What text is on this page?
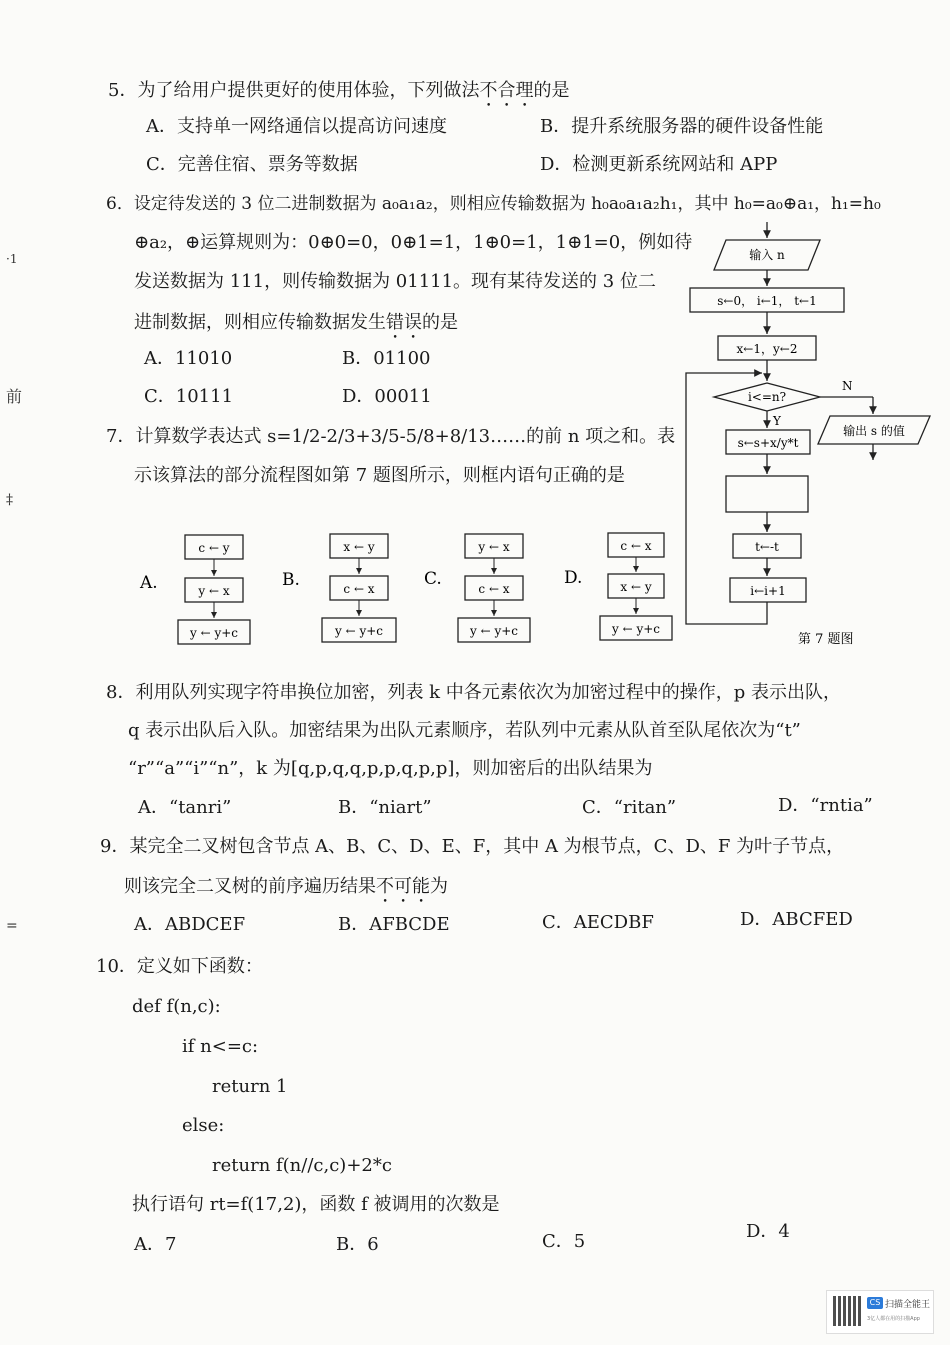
·1
前
‡
=
5．为了给用户提供更好的使用体验，下列做法不合理的是
A．支持单一网络通信以提高访问速度	B．提升系统服务器的硬件设备性能
C．完善住宿、票务等数据	D．检测更新系统网站和 APP
6．设定待发送的 3 位二进制数据为 a₀a₁a₂，则相应传输数据为 h₀a₀a₁a₂h₁，其中 h₀=a₀⊕a₁，h₁=h₀
⊕a₂，⊕运算规则为：0⊕0=0，0⊕1=1，1⊕0=1，1⊕1=0，例如待
发送数据为 111，则传输数据为 01111。现有某待发送的 3 位二
进制数据，则相应传输数据发生错误的是
A．11010	B．01100
C．10111	D．00011
7．计算数学表达式 s=1/2-2/3+3/5-5/8+8/13……的前 n 项之和。表
示该算法的部分流程图如第 7 题图所示，则框内语句正确的是
A.
c ← y
y ← x
y ← y+c
B.
x ← y
c ← x
y ← y+c
C.
y ← x
c ← x
y ← y+c
D.
c ← x
x ← y
y ← y+c
输入 n
s←0， i←1， t←1
x←1，y←2
i<=n?
N
输出 s 的值
Y
s←s+x/y*t
t←-t
i←i+1
第 7 题图
8．利用队列实现字符串换位加密，列表 k 中各元素依次为加密过程中的操作，p 表示出队，
q 表示出队后入队。加密结果为出队元素顺序，若队列中元素从队首至队尾依次为“t”
“r”“a”“i”“n”，k 为[q,p,q,q,p,p,q,p,p]，则加密后的出队结果为
A．“tanri”	B．“niart”	C．“ritan”	D．“rntia”
9．某完全二叉树包含节点 A、B、C、D、E、F，其中 A 为根节点，C、D、F 为叶子节点，
则该完全二叉树的前序遍历结果不可能为
A．ABDCEF	B．AFBCDE	C．AECDBF	D．ABCFED
10．定义如下函数：
def f(n,c):
if n<=c:
return 1
else:
return f(n//c,c)+2*c
执行语句 rt=f(17,2)，函数 f 被调用的次数是
A．7	B．6	C．5	D．4
CS 扫描全能王
3亿人都在用的扫描App
